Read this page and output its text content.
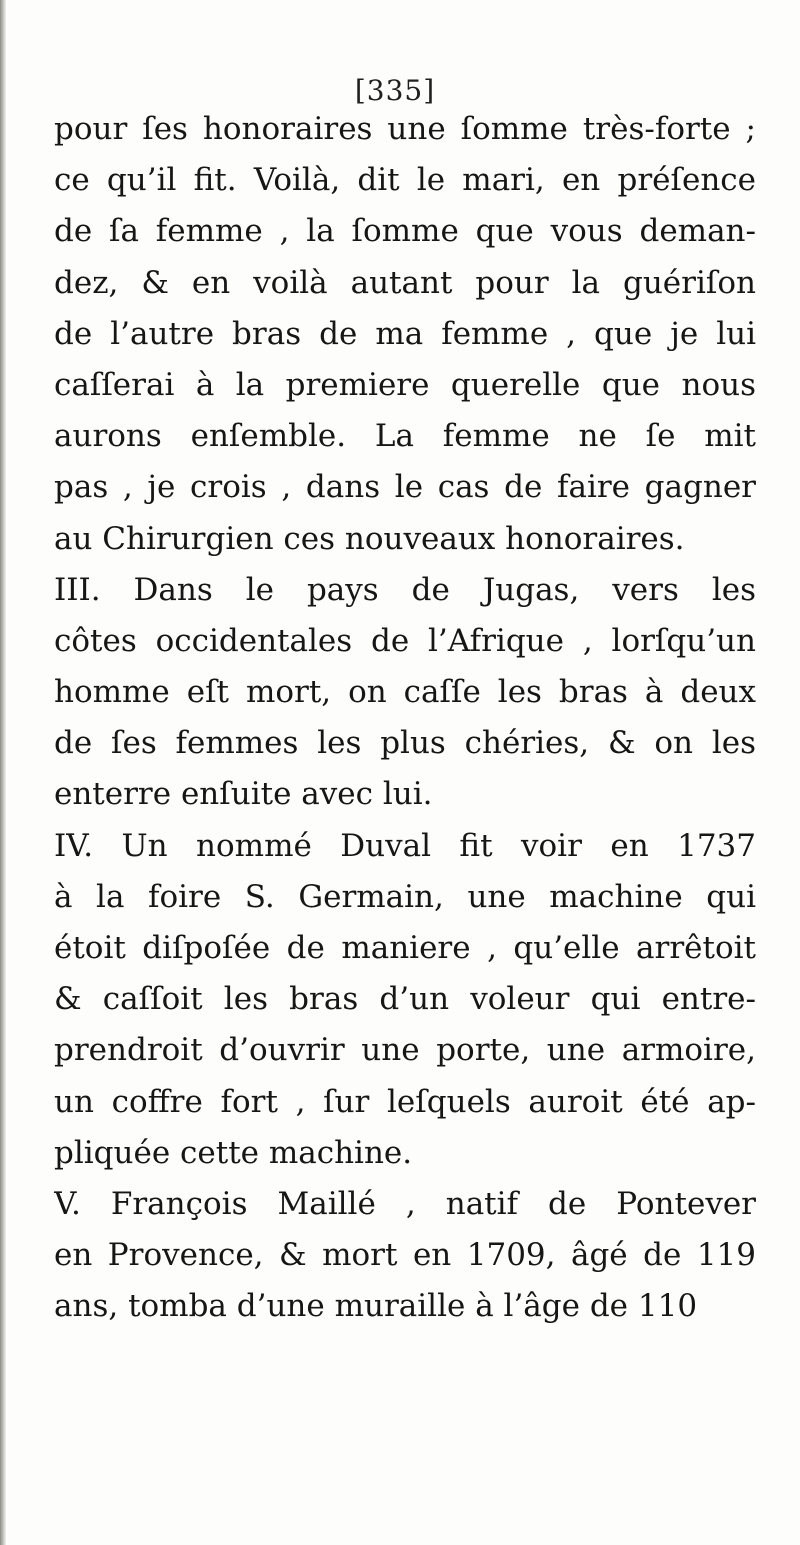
[335]
pour ſes honoraires une ſomme très-forte ;
ce qu’il fit. Voilà, dit le mari, en préſence
de ſa femme , la ſomme que vous deman-
dez, & en voilà autant pour la guériſon
de l’autre bras de ma femme , que je lui
caſſerai à la premiere querelle que nous
aurons enſemble. La femme ne ſe mit
pas , je crois , dans le cas de faire gagner
au Chirurgien ces nouveaux honoraires.
III. Dans le pays de Jugas, vers les
côtes occidentales de l’Afrique , lorſqu’un
homme eſt mort, on caſſe les bras à deux
de ſes femmes les plus chéries, & on les
enterre enſuite avec lui.
IV. Un nommé Duval fit voir en 1737
à la foire S. Germain, une machine qui
étoit diſpoſée de maniere , qu’elle arrêtoit
& caſſoit les bras d’un voleur qui entre-
prendroit d’ouvrir une porte, une armoire,
un coffre fort , ſur leſquels auroit été ap-
pliquée cette machine.
V. François Maillé , natif de Pontever
en Provence, & mort en 1709, âgé de 119
ans, tomba d’une muraille à l’âge de 110
